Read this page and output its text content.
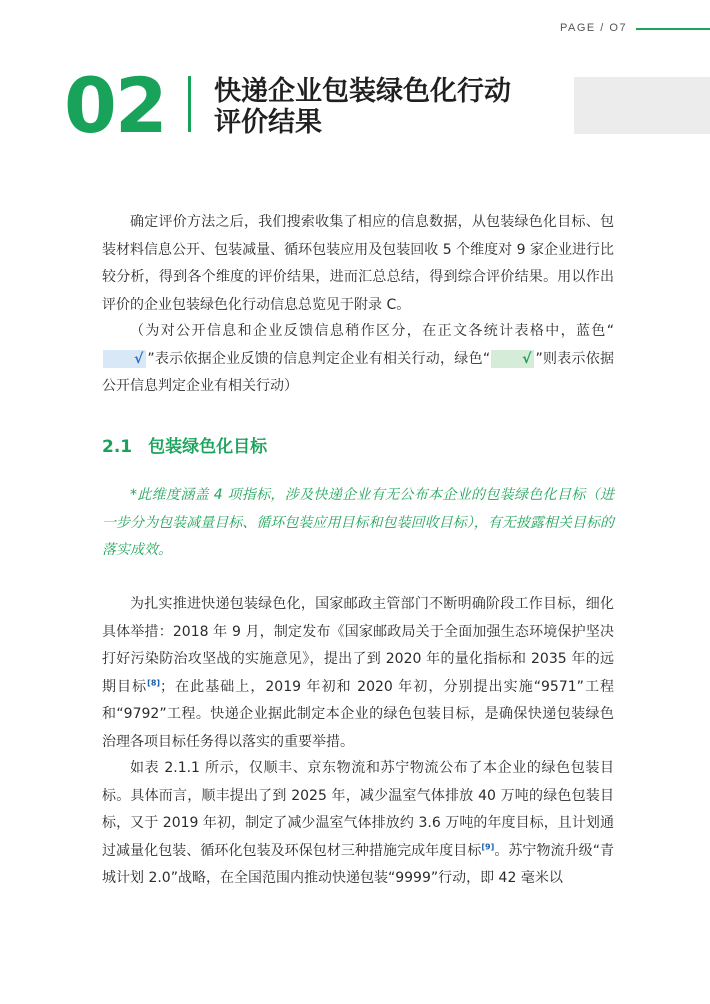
PAGE / O7
02 快递企业包装绿色化行动
评价结果

确定评价方法之后，我们搜索收集了相应的信息数据，从包装绿色化目标、包装材料信息公开、包装减量、循环包装应用及包装回收 5 个维度对 9 家企业进行比较分析，得到各个维度的评价结果，进而汇总总结，得到综合评价结果。用以作出评价的企业包装绿色化行动信息总览见于附录 C。

（为对公开信息和企业反馈信息稍作区分，在正文各统计表格中，蓝色“√ ”表示依据企业反馈的信息判定企业有相关行动，绿色“ √ ”则表示依据公开信息判定企业有相关行动）

2.1 包装绿色化目标
*此维度涵盖 4 项指标，涉及快递企业有无公布本企业的包装绿色化目标（进一步分为包装减量目标、循环包装应用目标和包装回收目标），有无披露相关目标的落实成效。

为扎实推进快递包装绿色化，国家邮政主管部门不断明确阶段工作目标，细化具体举措：2018 年 9 月，制定发布《国家邮政局关于全面加强生态环境保护坚决打好污染防治攻坚战的实施意见》，提出了到 2020 年的量化指标和 2035 年的远期目标[8]；在此基础上，2019 年初和 2020 年初，分别提出实施“9571”工程和“9792”工程。快递企业据此制定本企业的绿色包装目标，是确保快递包装绿色治理各项目标任务得以落实的重要举措。

如表 2.1.1 所示，仅顺丰、京东物流和苏宁物流公布了本企业的绿色包装目标。具体而言，顺丰提出了到 2025 年，减少温室气体排放 40 万吨的绿色包装目标，又于 2019 年初，制定了减少温室气体排放约 3.6 万吨的年度目标，且计划通过减量化包装、循环化包装及环保包材三种措施完成年度目标[9]。苏宁物流升级“青城计划 2.0”战略，在全国范围内推动快递包装“9999”行动，即 42 毫米以
